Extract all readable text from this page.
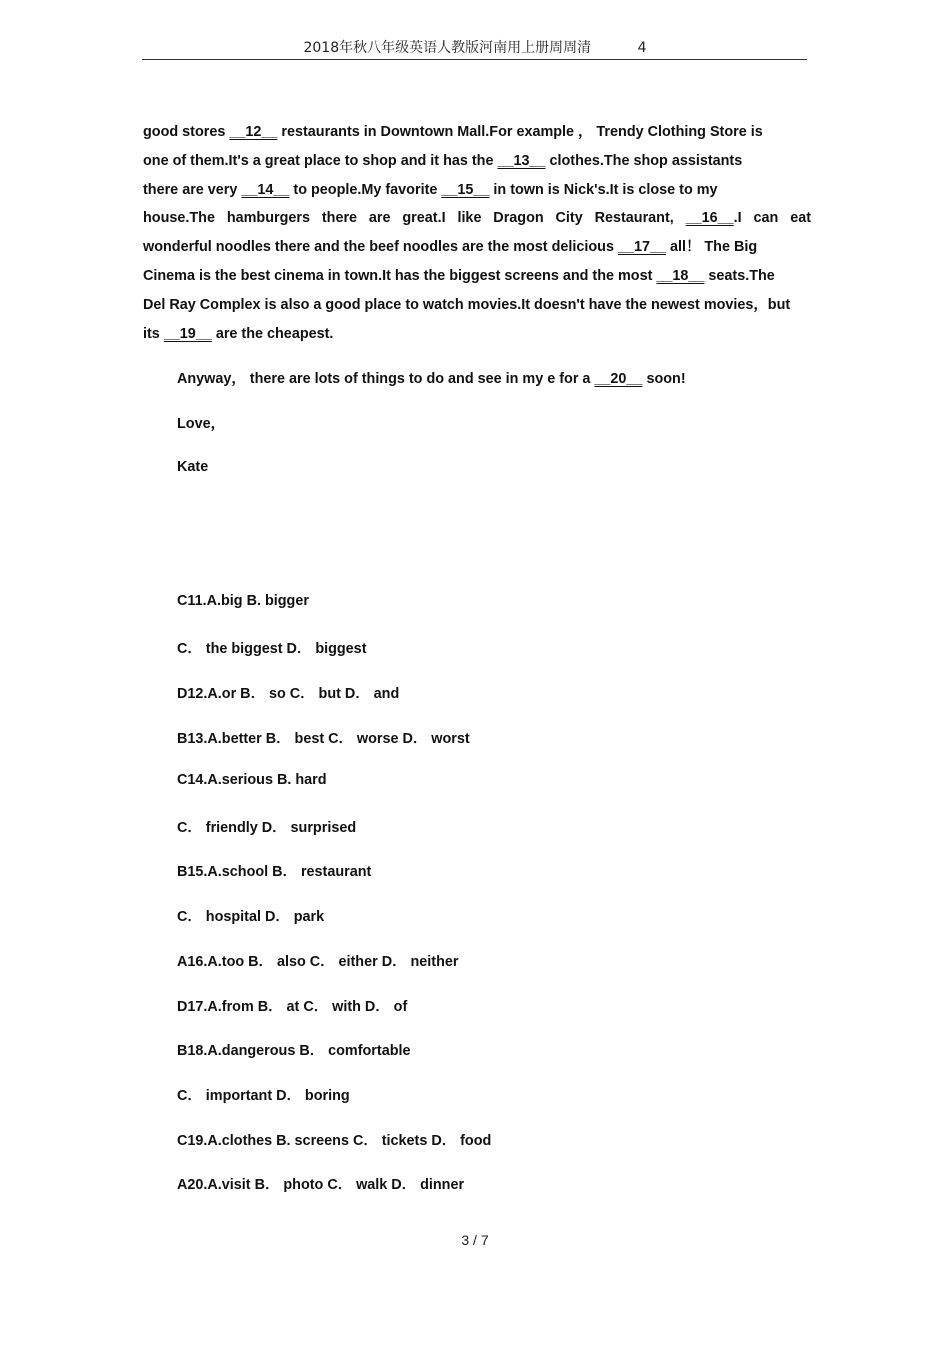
2018年秋八年级英语人教版河南用上册周周清	4
good stores __12__ restaurants in Downtown Mall.For example ， Trendy Clothing Store is
one of them.It's a great place to shop and it has the __13__ clothes.The shop assistants
there are very __14__ to people.My favorite __15__ in town is Nick's.It is close to my
house.The hamburgers there are great.I like Dragon City Restaurant, __16__.I can eat
wonderful noodles there and the beef noodles are the most delicious __17__ all！ The Big
Cinema is the best cinema in town.It has the biggest screens and the most __18__ seats.The
Del Ray Complex is also a good place to watch movies.It doesn't have the newest movies，but
its __19__ are the cheapest.
Anyway， there are lots of things to do and see in my e for a __20__ soon!
Love，
Kate
C11.A.big B. bigger
C． the biggest D． biggest
D12.A.or B． so C． but D． and
B13.A.better B． best C． worse D． worst
C14.A.serious B. hard
C． friendly D． surprised
B15.A.school B． restaurant
C． hospital D． park
A16.A.too B． also C． either D． neither
D17.A.from B． at C． with D． of
B18.A.dangerous B． comfortable
C． important D． boring
C19.A.clothes B. screens C． tickets D． food
A20.A.visit B． photo C． walk D． dinner
3 / 7
